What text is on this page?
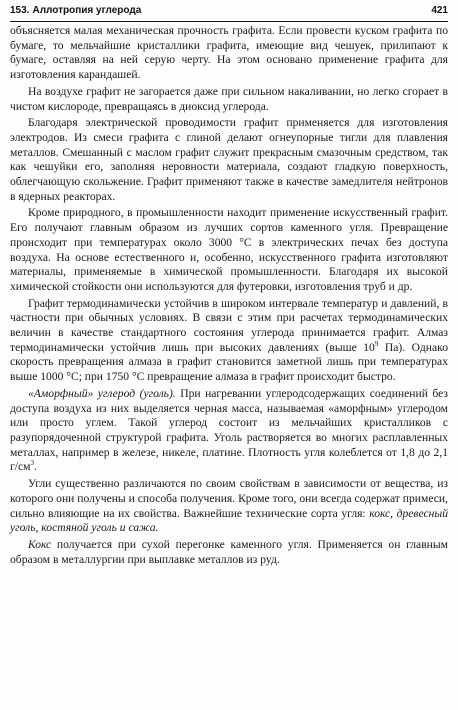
153. Аллотропия углерода	421

объясняется малая механическая прочность графита. Если провести куском графита по бумаге, то мельчайшие кристаллики графита, имеющие вид чешуек, прилипают к бумаге, оставляя на ней серую черту. На этом основано применение графита для изготовления карандашей.

На воздухе графит не загорается даже при сильном накаливании, но легко сгорает в чистом кислороде, превращаясь в диоксид углерода.

Благодаря электрической проводимости графит применяется для изготовления электродов. Из смеси графита с глиной делают огнеупорные тигли для плавления металлов. Смешанный с маслом графит служит прекрасным смазочным средством, так как чешуйки его, заполняя неровности материала, создают гладкую поверхность, облегчающую скольжение. Графит применяют также в качестве замедлителя нейтронов в ядерных реакторах.

Кроме природного, в промышленности находит применение искусственный графит. Его получают главным образом из лучших сортов каменного угля. Превращение происходит при температурах около 3000 °С в электрических печах без доступа воздуха. На основе естественного и, особенно, искусственного графита изготовляют материалы, применяемые в химической промышленности. Благодаря их высокой химической стойкости они используются для футеровки, изготовления труб и др.

Графит термодинамически устойчив в широком интервале температур и давлений, в частности при обычных условиях. В связи с этим при расчетах термодинамических величин в качестве стандартного состояния углерода принимается графит. Алмаз термодинамически устойчив лишь при высоких давлениях (выше $10^9$ Па). Однако скорость превращения алмаза в графит становится заметной лишь при температурах выше 1000 °С; при 1750 °С превращение алмаза в графит происходит быстро.

«Аморфный» углерод (уголь). При нагревании углеродсодержащих соединений без доступа воздуха из них выделяется черная масса, называемая «аморфным» углеродом или просто углем. Такой углерод состоит из мельчайших кристалликов с разупорядоченной структурой графита. Уголь растворяется во многих расплавленных металлах, например в железе, никеле, платине. Плотность угля колеблется от 1,8 до 2,1 $г/см^3$.

Угли существенно различаются по своим свойствам в зависимости от вещества, из которого они получены и способа получения. Кроме того, они всегда содержат примеси, сильно влияющие на их свойства. Важнейшие технические сорта угля: кокс, древесный уголь, костяной уголь и сажа.

Кокс получается при сухой перегонке каменного угля. Применяется он главным образом в металлургии при выплавке металлов из руд.
